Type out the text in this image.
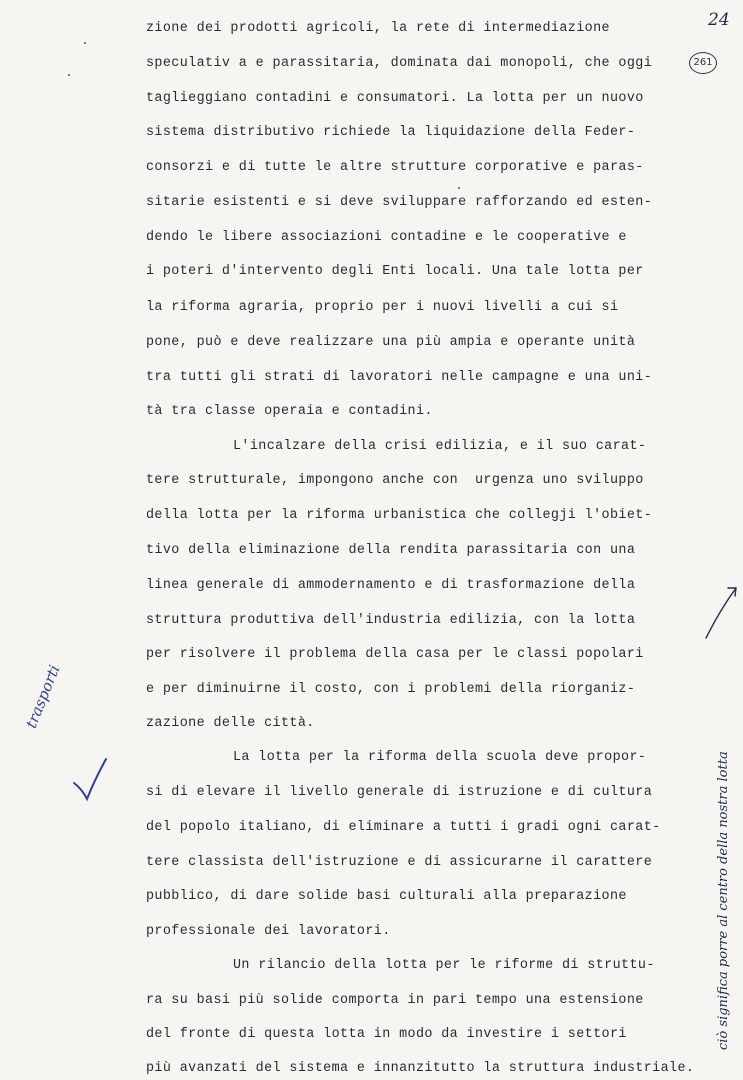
24
261
zione dei prodotti agricoli, la rete di intermediazione
speculativ a e parassitaria, dominata dai monopoli, che oggi
taglieggiano contadini e consumatori. La lotta per un nuovo
sistema distributivo richiede la liquidazione della Feder-
consorzi e di tutte le altre strutture corporative e paras-
sitarie esistenti e si deve sviluppare rafforzando ed esten-
dendo le libere associazioni contadine e le cooperative e
i poteri d'intervento degli Enti locali. Una tale lotta per
la riforma agraria, proprio per i nuovi livelli a cui si
pone, può e deve realizzare una più ampia e operante unità
tra tutti gli strati di lavoratori nelle campagne e una uni-
tà tra classe operaia e contadini.
L'incalzare della crisi edilizia, e il suo carat-
tere strutturale, impongono anche con  urgenza uno sviluppo
della lotta per la riforma urbanistica che collegji l'obiet-
tivo della eliminazione della rendita parassitaria con una
linea generale di ammodernamento e di trasformazione della
struttura produttiva dell'industria edilizia, con la lotta
per risolvere il problema della casa per le classi popolari
e per diminuirne il costo, con i problemi della riorganiz-
zazione delle città.
La lotta per la riforma della scuola deve propor-
si di elevare il livello generale di istruzione e di cultura
del popolo italiano, di eliminare a tutti i gradi ogni carat-
tere classista dell'istruzione e di assicurarne il carattere
pubblico, di dare solide basi culturali alla preparazione
professionale dei lavoratori.
Un rilancio della lotta per le riforme di struttu-
ra su basi più solide comporta in pari tempo una estensione
del fronte di questa lotta in modo da investire i settori
più avanzati del sistema e innanzitutto la struttura industriale.
trasporti
ciò significa porre al centro della nostra lotta
